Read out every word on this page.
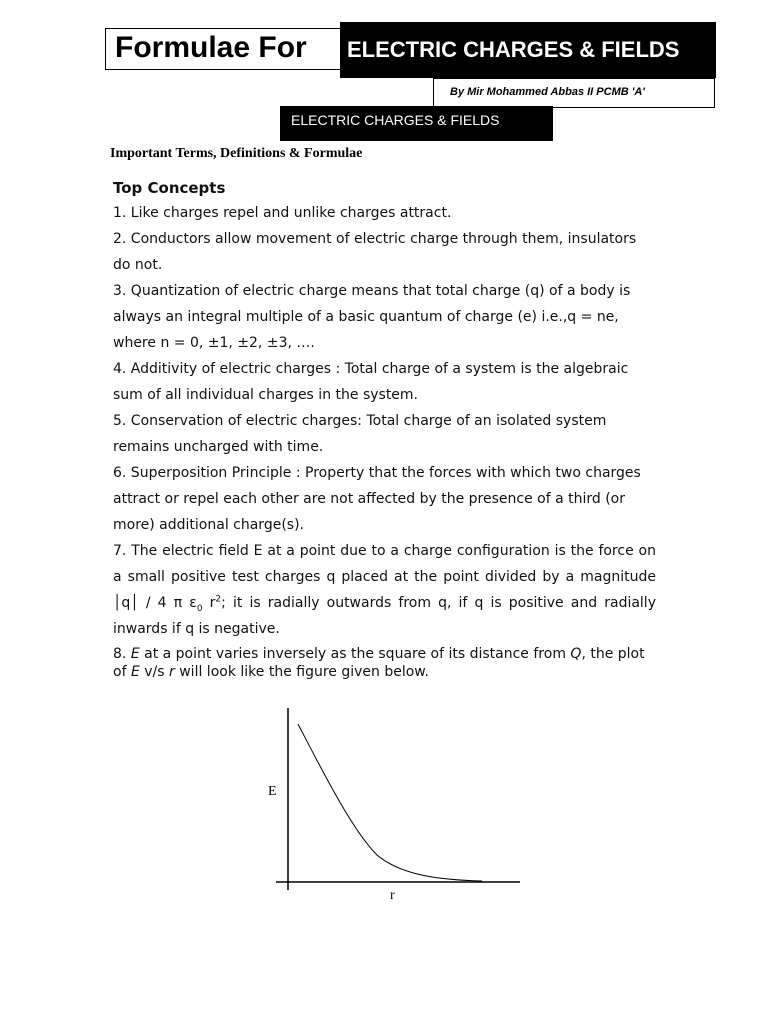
Formulae For	ELECTRIC CHARGES & FIELDS
By Mir Mohammed Abbas II PCMB 'A'
ELECTRIC CHARGES & FIELDS
Important Terms, Definitions & Formulae

Top Concepts

1. Like charges repel and unlike charges attract.

2. Conductors allow movement of electric charge through them, insulators do not.

3. Quantization of electric charge means that total charge (q) of a body is always an integral multiple of a basic quantum of charge (e) i.e.,q = ne, where n = 0, ±1, ±2, ±3, ….

4. Additivity of electric charges : Total charge of a system is the algebraic sum of all individual charges in the system.

5. Conservation of electric charges: Total charge of an isolated system remains uncharged with time.

6. Superposition Principle : Property that the forces with which two charges attract or repel each other are not affected by the presence of a third (or more) additional charge(s).

7. The electric field E at a point due to a charge configuration is the force on a small positive test charges q placed at the point divided by a magnitude │q│ / 4 π $\varepsilon_0$ $r^2$; it is radially outwards from q, if q is positive and radially inwards if q is negative.

8. E at a point varies inversely as the square of its distance from Q, the plot of E v/s r will look like the figure given below.

E
r
